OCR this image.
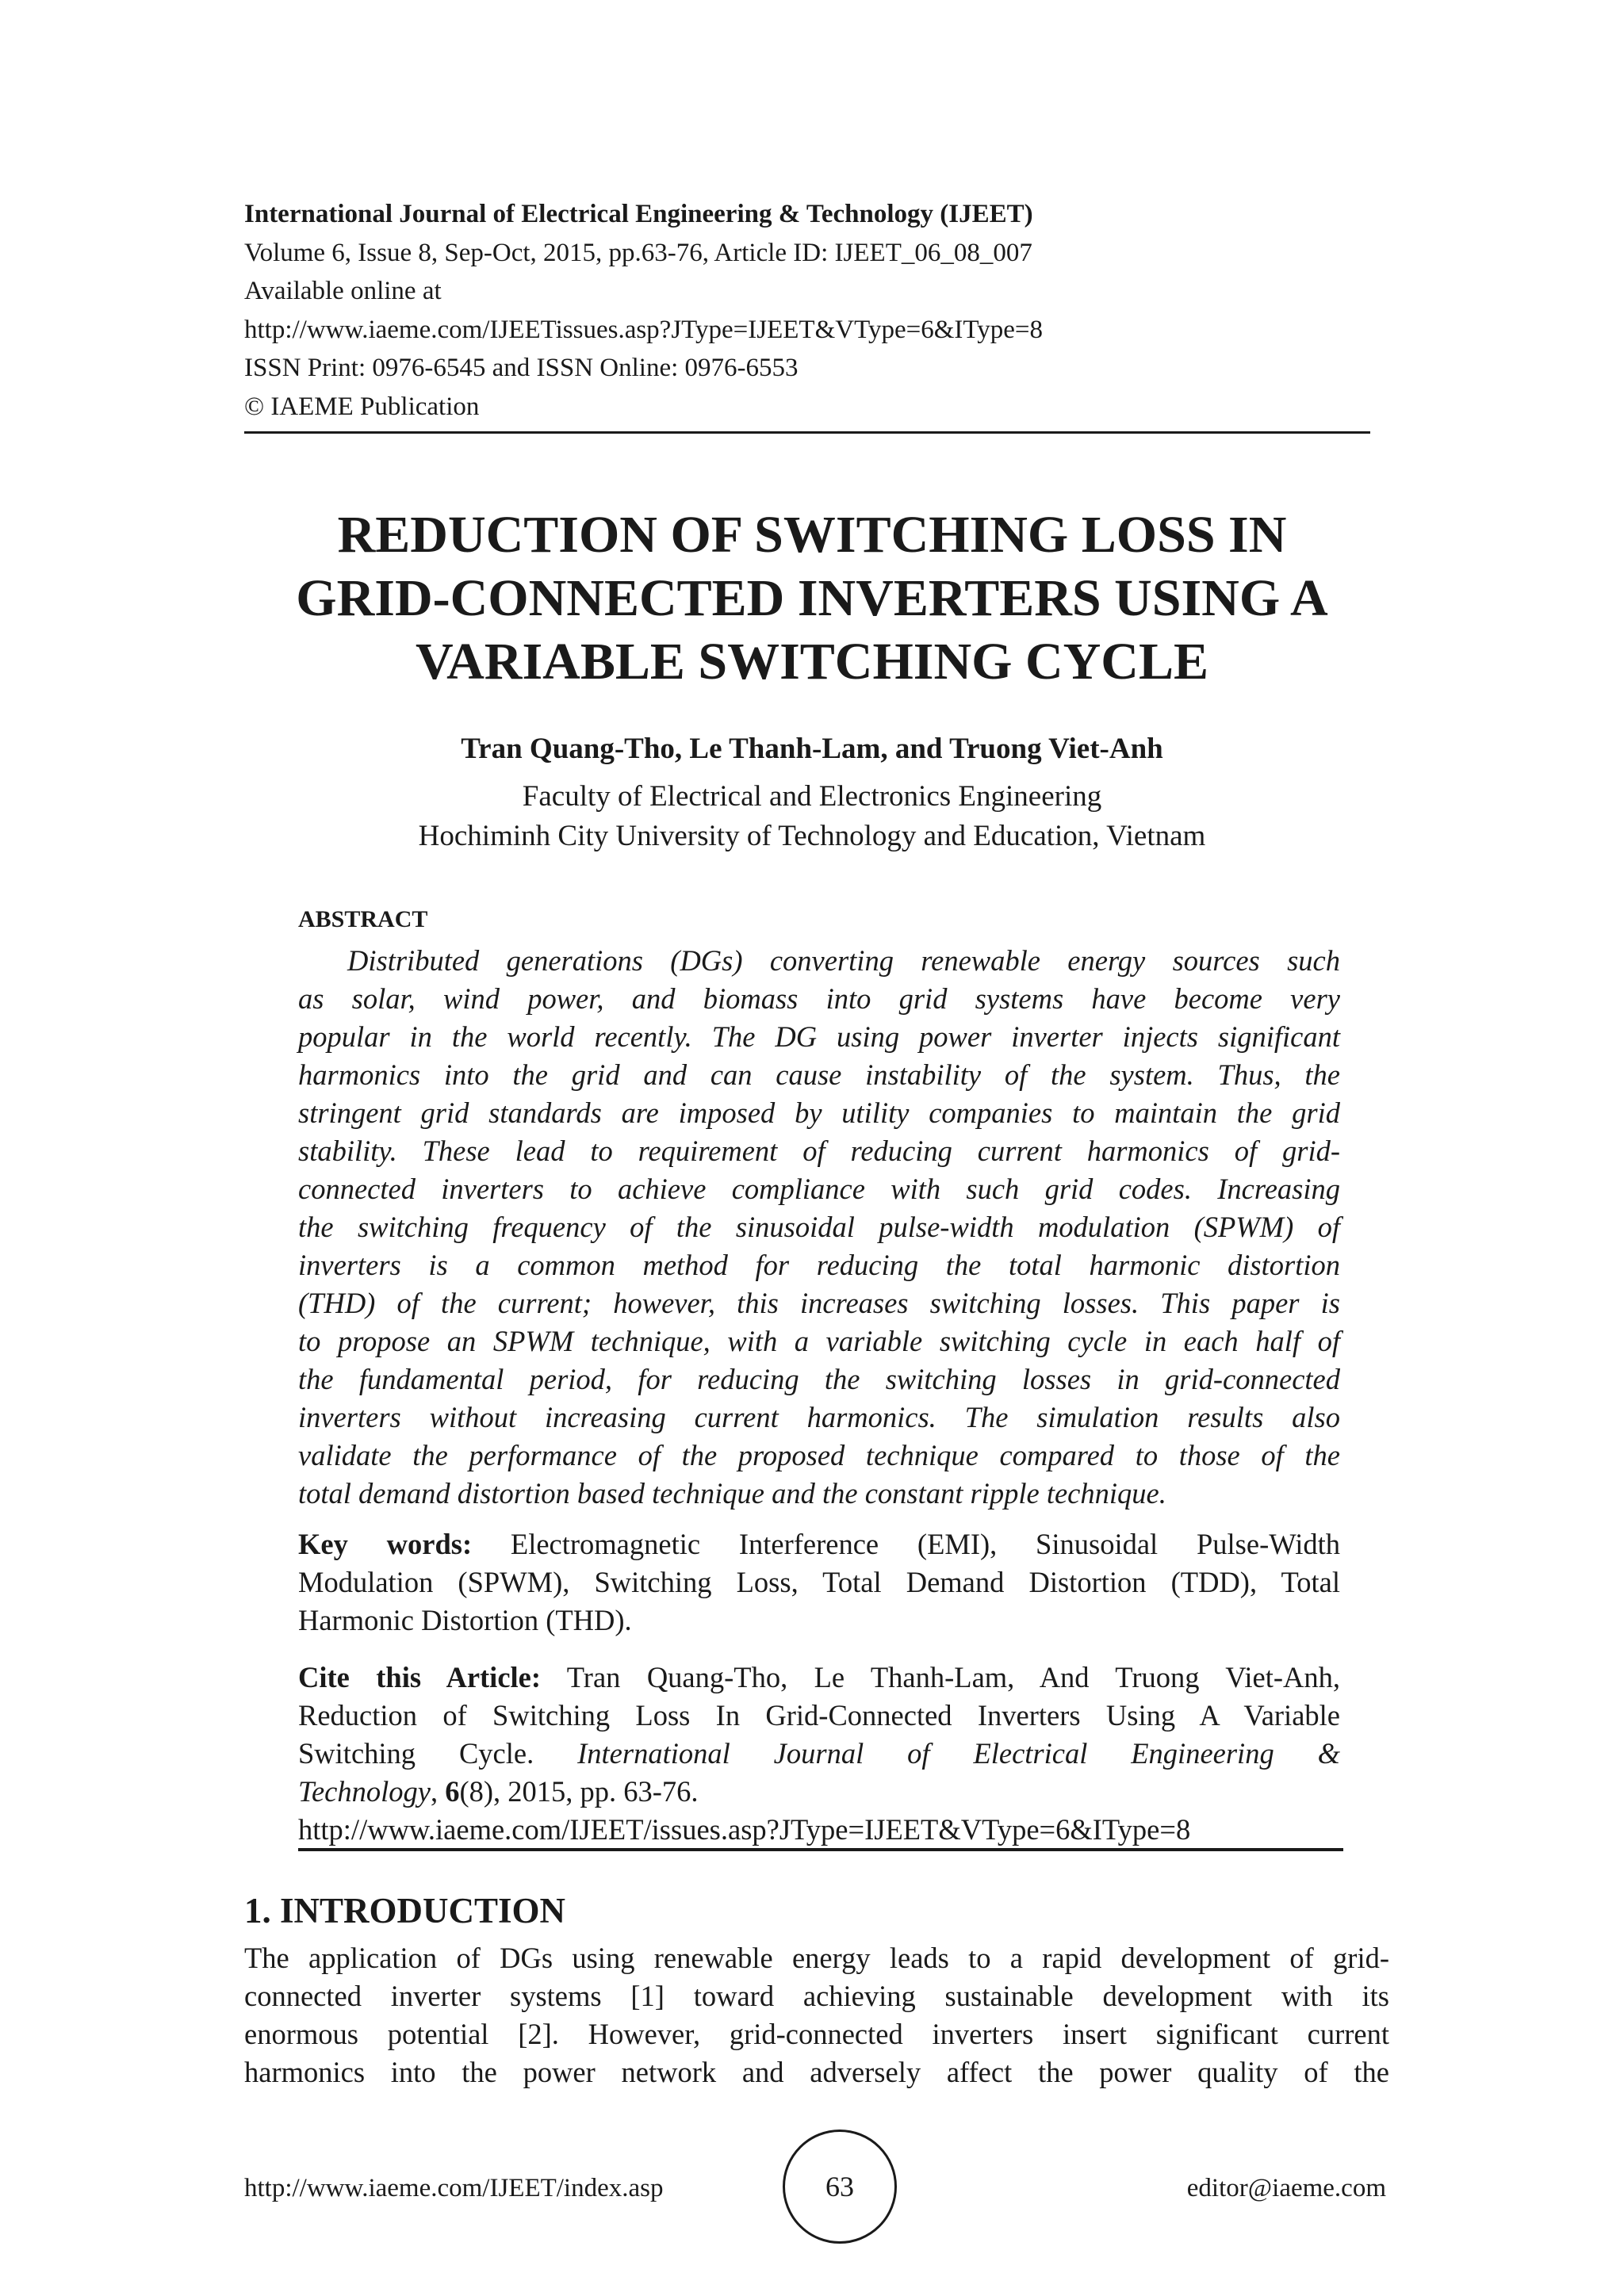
International Journal of Electrical Engineering & Technology (IJEET)
Volume 6, Issue 8, Sep-Oct, 2015, pp.63-76, Article ID: IJEET_06_08_007
Available online at
http://www.iaeme.com/IJEETissues.asp?JType=IJEET&VType=6&IType=8
ISSN Print: 0976-6545 and ISSN Online: 0976-6553
© IAEME Publication
REDUCTION OF SWITCHING LOSS IN
GRID-CONNECTED INVERTERS USING A
VARIABLE SWITCHING CYCLE
Tran Quang-Tho, Le Thanh-Lam, and Truong Viet-Anh
Faculty of Electrical and Electronics Engineering
Hochiminh City University of Technology and Education, Vietnam
ABSTRACT
Distributed generations (DGs) converting renewable energy sources such
as solar, wind power, and biomass into grid systems have become very
popular in the world recently. The DG using power inverter injects significant
harmonics into the grid and can cause instability of the system. Thus, the
stringent grid standards are imposed by utility companies to maintain the grid
stability. These lead to requirement of reducing current harmonics of grid-
connected inverters to achieve compliance with such grid codes. Increasing
the switching frequency of the sinusoidal pulse-width modulation (SPWM) of
inverters is a common method for reducing the total harmonic distortion
(THD) of the current; however, this increases switching losses. This paper is
to propose an SPWM technique, with a variable switching cycle in each half of
the fundamental period, for reducing the switching losses in grid-connected
inverters without increasing current harmonics. The simulation results also
validate the performance of the proposed technique compared to those of the
total demand distortion based technique and the constant ripple technique.
Key words: Electromagnetic Interference (EMI), Sinusoidal Pulse-Width
Modulation (SPWM), Switching Loss, Total Demand Distortion (TDD), Total
Harmonic Distortion (THD).
Cite this Article: Tran Quang-Tho, Le Thanh-Lam, And Truong Viet-Anh,
Reduction of Switching Loss In Grid-Connected Inverters Using A Variable
Switching Cycle. International Journal of Electrical Engineering &
Technology, 6(8), 2015, pp. 63-76.
http://www.iaeme.com/IJEET/issues.asp?JType=IJEET&VType=6&IType=8
1. INTRODUCTION
The application of DGs using renewable energy leads to a rapid development of grid-
connected inverter systems [1] toward achieving sustainable development with its
enormous potential [2]. However, grid-connected inverters insert significant current
harmonics into the power network and adversely affect the power quality of the
http://www.iaeme.com/IJEET/index.asp	63	editor@iaeme.com
